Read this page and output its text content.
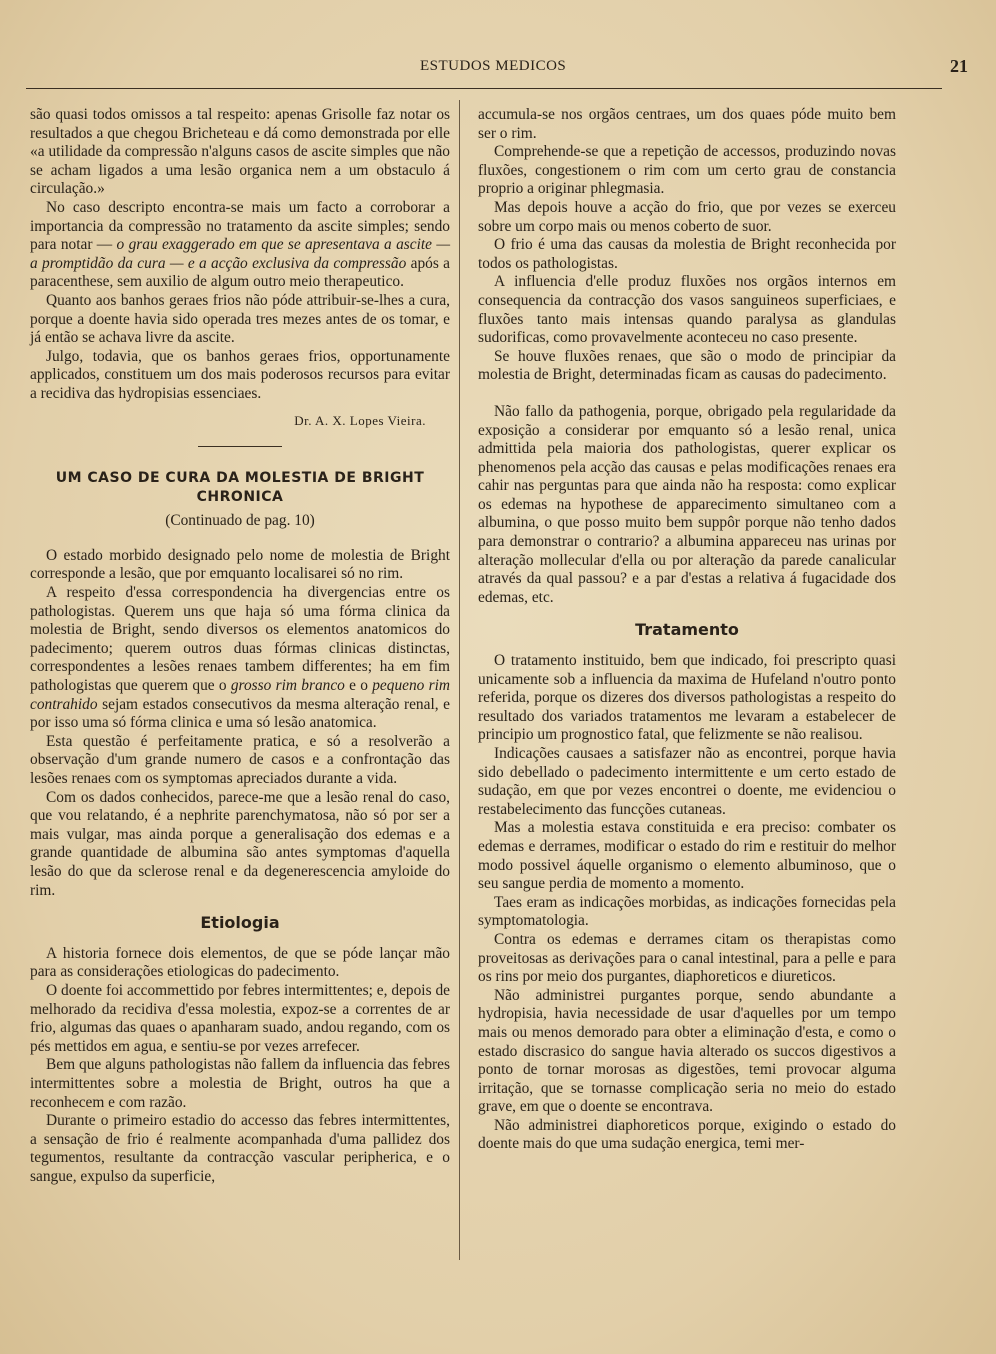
ESTUDOS MEDICOS	21

são quasi todos omissos a tal respeito: apenas Grisolle faz notar os resultados a que chegou Bricheteau e dá como demonstrada por elle «a utilidade da compressão n'alguns casos de ascite simples que não se acham ligados a uma lesão organica nem a um obstaculo á circulação.»

No caso descripto encontra-se mais um facto a corroborar a importancia da compressão no tratamento da ascite simples; sendo para notar — o grau exaggerado em que se apresentava a ascite — a promptidão da cura — e a acção exclusiva da compressão após a paracenthese, sem auxilio de algum outro meio therapeutico.

Quanto aos banhos geraes frios não póde attribuir-se-lhes a cura, porque a doente havia sido operada tres mezes antes de os tomar, e já então se achava livre da ascite.

Julgo, todavia, que os banhos geraes frios, opportunamente applicados, constituem um dos mais poderosos recursos para evitar a recidiva das hydropisias essenciaes.

Dr. A. X. Lopes Vieira.
UM CASO DE CURA DA MOLESTIA DE BRIGHT CHRONICA
(Continuado de pag. 10)

O estado morbido designado pelo nome de molestia de Bright corresponde a lesão, que por emquanto localisarei só no rim.

A respeito d'essa correspondencia ha divergencias entre os pathologistas. Querem uns que haja só uma fórma clinica da molestia de Bright, sendo diversos os elementos anatomicos do padecimento; querem outros duas fórmas clinicas distinctas, correspondentes a lesões renaes tambem differentes; ha em fim pathologistas que querem que o grosso rim branco e o pequeno rim contrahido sejam estados consecutivos da mesma alteração renal, e por isso uma só fórma clinica e uma só lesão anatomica.

Esta questão é perfeitamente pratica, e só a resolverão a observação d'um grande numero de casos e a confrontação das lesões renaes com os symptomas apreciados durante a vida.

Com os dados conhecidos, parece-me que a lesão renal do caso, que vou relatando, é a nephrite parenchymatosa, não só por ser a mais vulgar, mas ainda porque a generalisação dos edemas e a grande quantidade de albumina são antes symptomas d'aquella lesão do que da sclerose renal e da degenerescencia amyloide do rim.

Etiologia

A historia fornece dois elementos, de que se póde lançar mão para as considerações etiologicas do padecimento.

O doente foi accommettido por febres intermittentes; e, depois de melhorado da recidiva d'essa molestia, expoz-se a correntes de ar frio, algumas das quaes o apanharam suado, andou regando, com os pés mettidos em agua, e sentiu-se por vezes arrefecer.

Bem que alguns pathologistas não fallem da influencia das febres intermittentes sobre a molestia de Bright, outros ha que a reconhecem e com razão.

Durante o primeiro estadio do accesso das febres intermittentes, a sensação de frio é realmente acompanhada d'uma pallidez dos tegumentos, resultante da contracção vascular peripherica, e o sangue, expulso da superficie,

accumula-se nos orgãos centraes, um dos quaes póde muito bem ser o rim.

Comprehende-se que a repetição de accessos, produzindo novas fluxões, congestionem o rim com um certo grau de constancia proprio a originar phlegmasia.

Mas depois houve a acção do frio, que por vezes se exerceu sobre um corpo mais ou menos coberto de suor.

O frio é uma das causas da molestia de Bright reconhecida por todos os pathologistas.

A influencia d'elle produz fluxões nos orgãos internos em consequencia da contracção dos vasos sanguineos superficiaes, e fluxões tanto mais intensas quando paralysa as glandulas sudorificas, como provavelmente aconteceu no caso presente.

Se houve fluxões renaes, que são o modo de principiar da molestia de Bright, determinadas ficam as causas do padecimento.

Não fallo da pathogenia, porque, obrigado pela regularidade da exposição a considerar por emquanto só a lesão renal, unica admittida pela maioria dos pathologistas, querer explicar os phenomenos pela acção das causas e pelas modificações renaes era cahir nas perguntas para que ainda não ha resposta: como explicar os edemas na hypothese de apparecimento simultaneo com a albumina, o que posso muito bem suppôr porque não tenho dados para demonstrar o contrario? a albumina appareceu nas urinas por alteração mollecular d'ella ou por alteração da parede canalicular através da qual passou? e a par d'estas a relativa á fugacidade dos edemas, etc.

Tratamento

O tratamento instituido, bem que indicado, foi prescripto quasi unicamente sob a influencia da maxima de Hufeland n'outro ponto referida, porque os dizeres dos diversos pathologistas a respeito do resultado dos variados tratamentos me levaram a estabelecer de principio um prognostico fatal, que felizmente se não realisou.

Indicações causaes a satisfazer não as encontrei, porque havia sido debellado o padecimento intermittente e um certo estado de sudação, em que por vezes encontrei o doente, me evidenciou o restabelecimento das funcções cutaneas.

Mas a molestia estava constituida e era preciso: combater os edemas e derrames, modificar o estado do rim e restituir do melhor modo possivel áquelle organismo o elemento albuminoso, que o seu sangue perdia de momento a momento.

Taes eram as indicações morbidas, as indicações fornecidas pela symptomatologia.

Contra os edemas e derrames citam os therapistas como proveitosas as derivações para o canal intestinal, para a pelle e para os rins por meio dos purgantes, diaphoreticos e diureticos.

Não administrei purgantes porque, sendo abundante a hydropisia, havia necessidade de usar d'aquelles por um tempo mais ou menos demorado para obter a eliminação d'esta, e como o estado discrasico do sangue havia alterado os succos digestivos a ponto de tornar morosas as digestões, temi provocar alguma irritação, que se tornasse complicação seria no meio do estado grave, em que o doente se encontrava.

Não administrei diaphoreticos porque, exigindo o estado do doente mais do que uma sudação energica, temi mer-
